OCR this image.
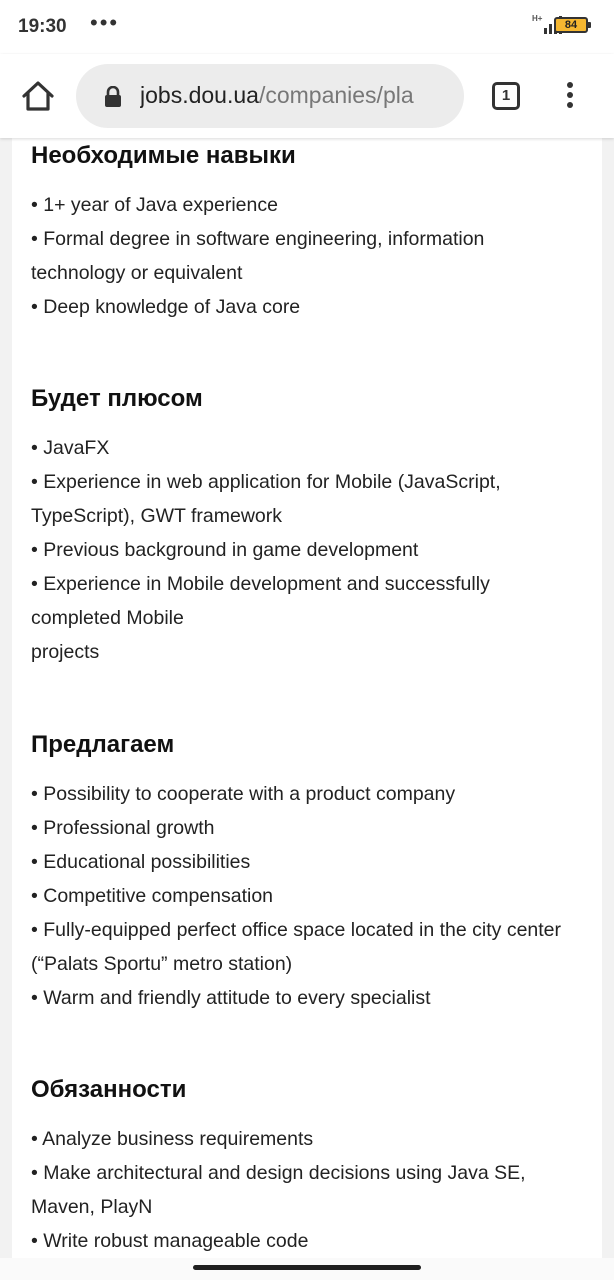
19:30 •••	H+
84
jobs.dou.ua/companies/pla	1
Необходимые навыки
• 1+ year of Java experience
• Formal degree in software engineering, information technology or equivalent
• Deep knowledge of Java core
Будет плюсом
• JavaFX
• Experience in web application for Mobile (JavaScript, TypeScript), GWT framework
• Previous background in game development
• Experience in Mobile development and successfully completed Mobile
projects
Предлагаем
• Possibility to cooperate with a product company
• Professional growth
• Educational possibilities
• Competitive compensation
• Fully-equipped perfect office space located in the city center (“Palats Sportu” metro station)
• Warm and friendly attitude to every specialist
Обязанности
• Analyze business requirements
• Make architectural and design decisions using Java SE, Maven, PlayN
• Write robust manageable code
